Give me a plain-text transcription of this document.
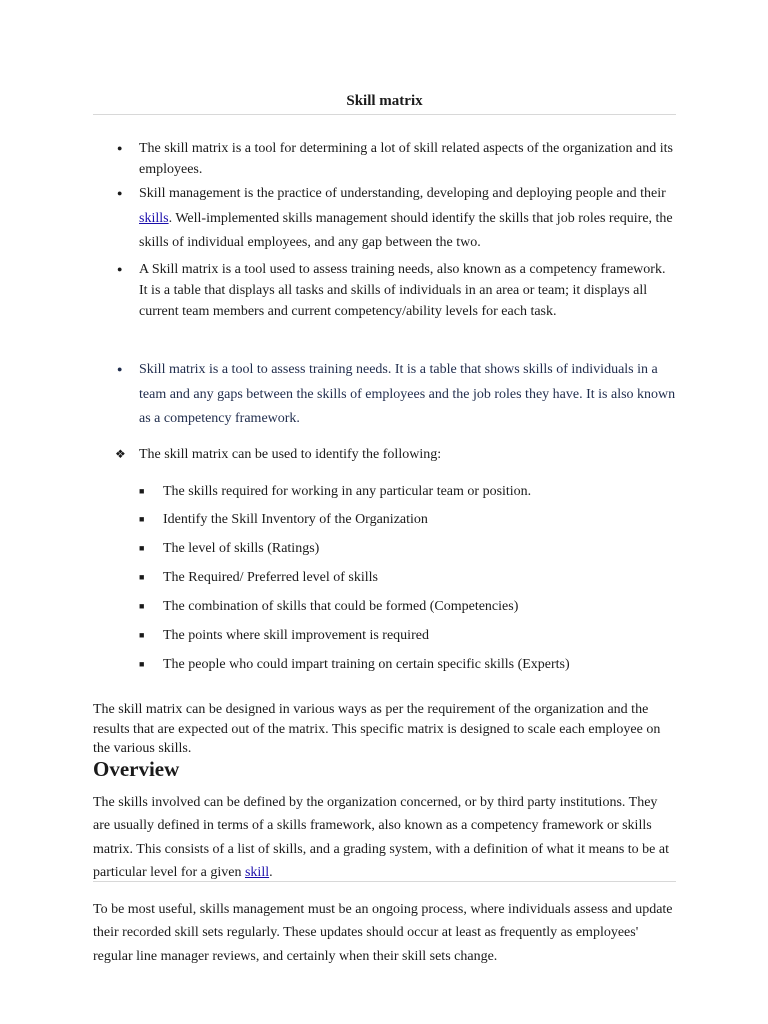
Skill matrix
● The skill matrix is a tool for determining a lot of skill related aspects of the organization and its employees.

● Skill management is the practice of understanding, developing and deploying people and their skills. Well-implemented skills management should identify the skills that job roles require, the skills of individual employees, and any gap between the two.

● A Skill matrix is a tool used to assess training needs, also known as a competency framework. It is a table that displays all tasks and skills of individuals in an area or team; it displays all current team members and current competency/ability levels for each task.

● Skill matrix is a tool to assess training needs. It is a table that shows skills of individuals in a team and any gaps between the skills of employees and the job roles they have. It is also known as a competency framework.

❖ The skill matrix can be used to identify the following:

■ The skills required for working in any particular team or position.

■ Identify the Skill Inventory of the Organization

■ The level of skills (Ratings)

■ The Required/ Preferred level of skills

■ The combination of skills that could be formed (Competencies)

■ The points where skill improvement is required

■ The people who could impart training on certain specific skills (Experts)

The skill matrix can be designed in various ways as per the requirement of the organization and the results that are expected out of the matrix. This specific matrix is designed to scale each employee on the various skills.

Overview

The skills involved can be defined by the organization concerned, or by third party institutions. They are usually defined in terms of a skills framework, also known as a competency framework or skills matrix. This consists of a list of skills, and a grading system, with a definition of what it means to be at particular level for a given skill.

To be most useful, skills management must be an ongoing process, where individuals assess and update their recorded skill sets regularly. These updates should occur at least as frequently as employees' regular line manager reviews, and certainly when their skill sets change.
